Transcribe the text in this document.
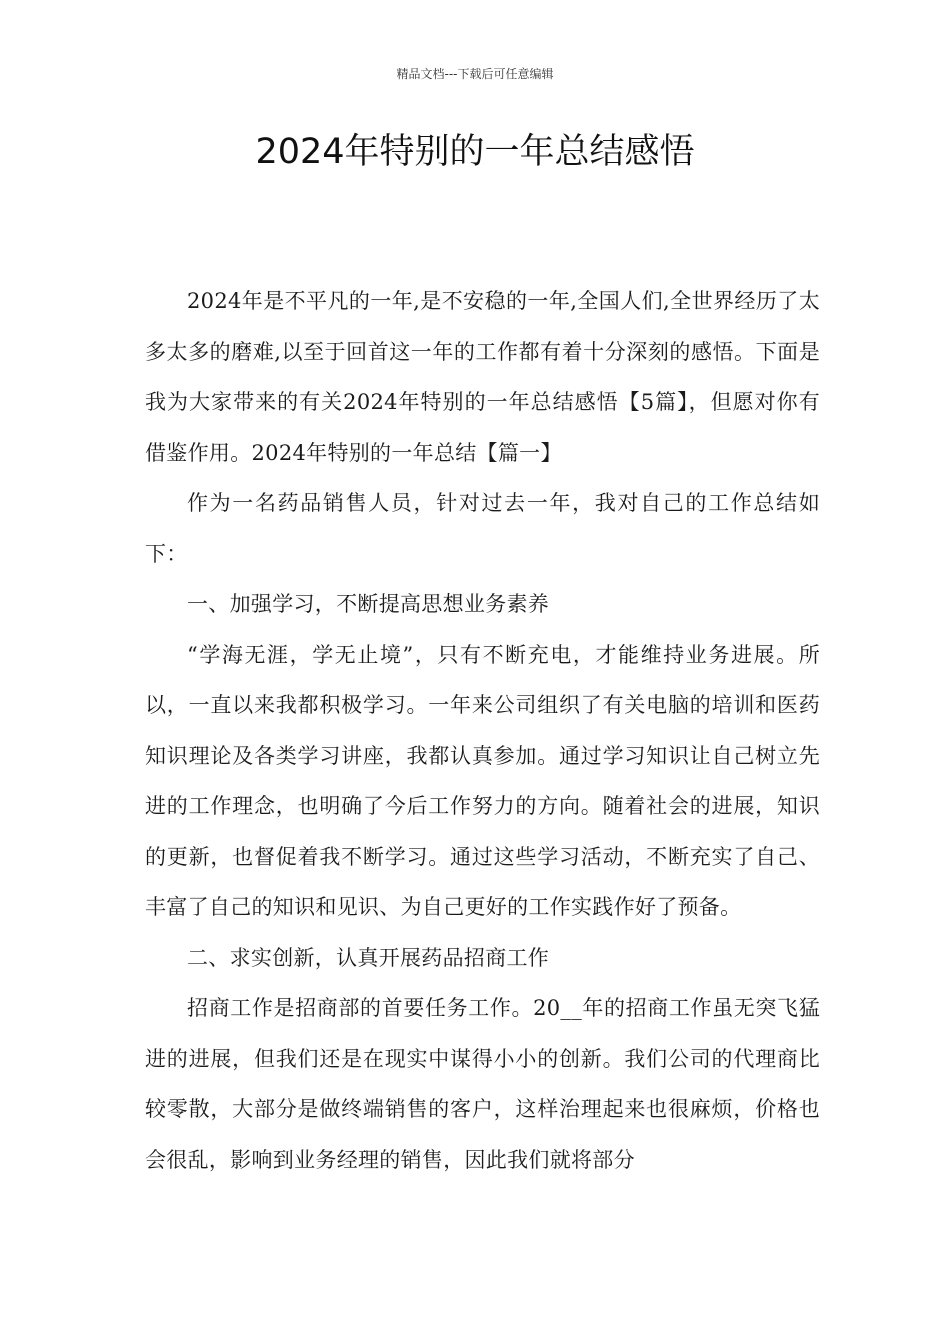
精品文档---下载后可任意编辑
2024年特别的一年总结感悟

2024年是不平凡的一年,是不安稳的一年,全国人们,全世界经历了太多太多的磨难,以至于回首这一年的工作都有着十分深刻的感悟。下面是我为大家带来的有关2024年特别的一年总结感悟【5篇】，但愿对你有借鉴作用。2024年特别的一年总结【篇一】

作为一名药品销售人员，针对过去一年，我对自己的工作总结如下：

一、加强学习，不断提高思想业务素养

“学海无涯，学无止境”，只有不断充电，才能维持业务进展。所以，一直以来我都积极学习。一年来公司组织了有关电脑的培训和医药知识理论及各类学习讲座，我都认真参加。通过学习知识让自己树立先进的工作理念，也明确了今后工作努力的方向。随着社会的进展，知识的更新，也督促着我不断学习。通过这些学习活动，不断充实了自己、丰富了自己的知识和见识、为自己更好的工作实践作好了预备。

二、求实创新，认真开展药品招商工作

招商工作是招商部的首要任务工作。20__年的招商工作虽无突飞猛进的进展，但我们还是在现实中谋得小小的创新。我们公司的代理商比较零散，大部分是做终端销售的客户，这样治理起来也很麻烦，价格也会很乱，影响到业务经理的销售，因此我们就将部分
